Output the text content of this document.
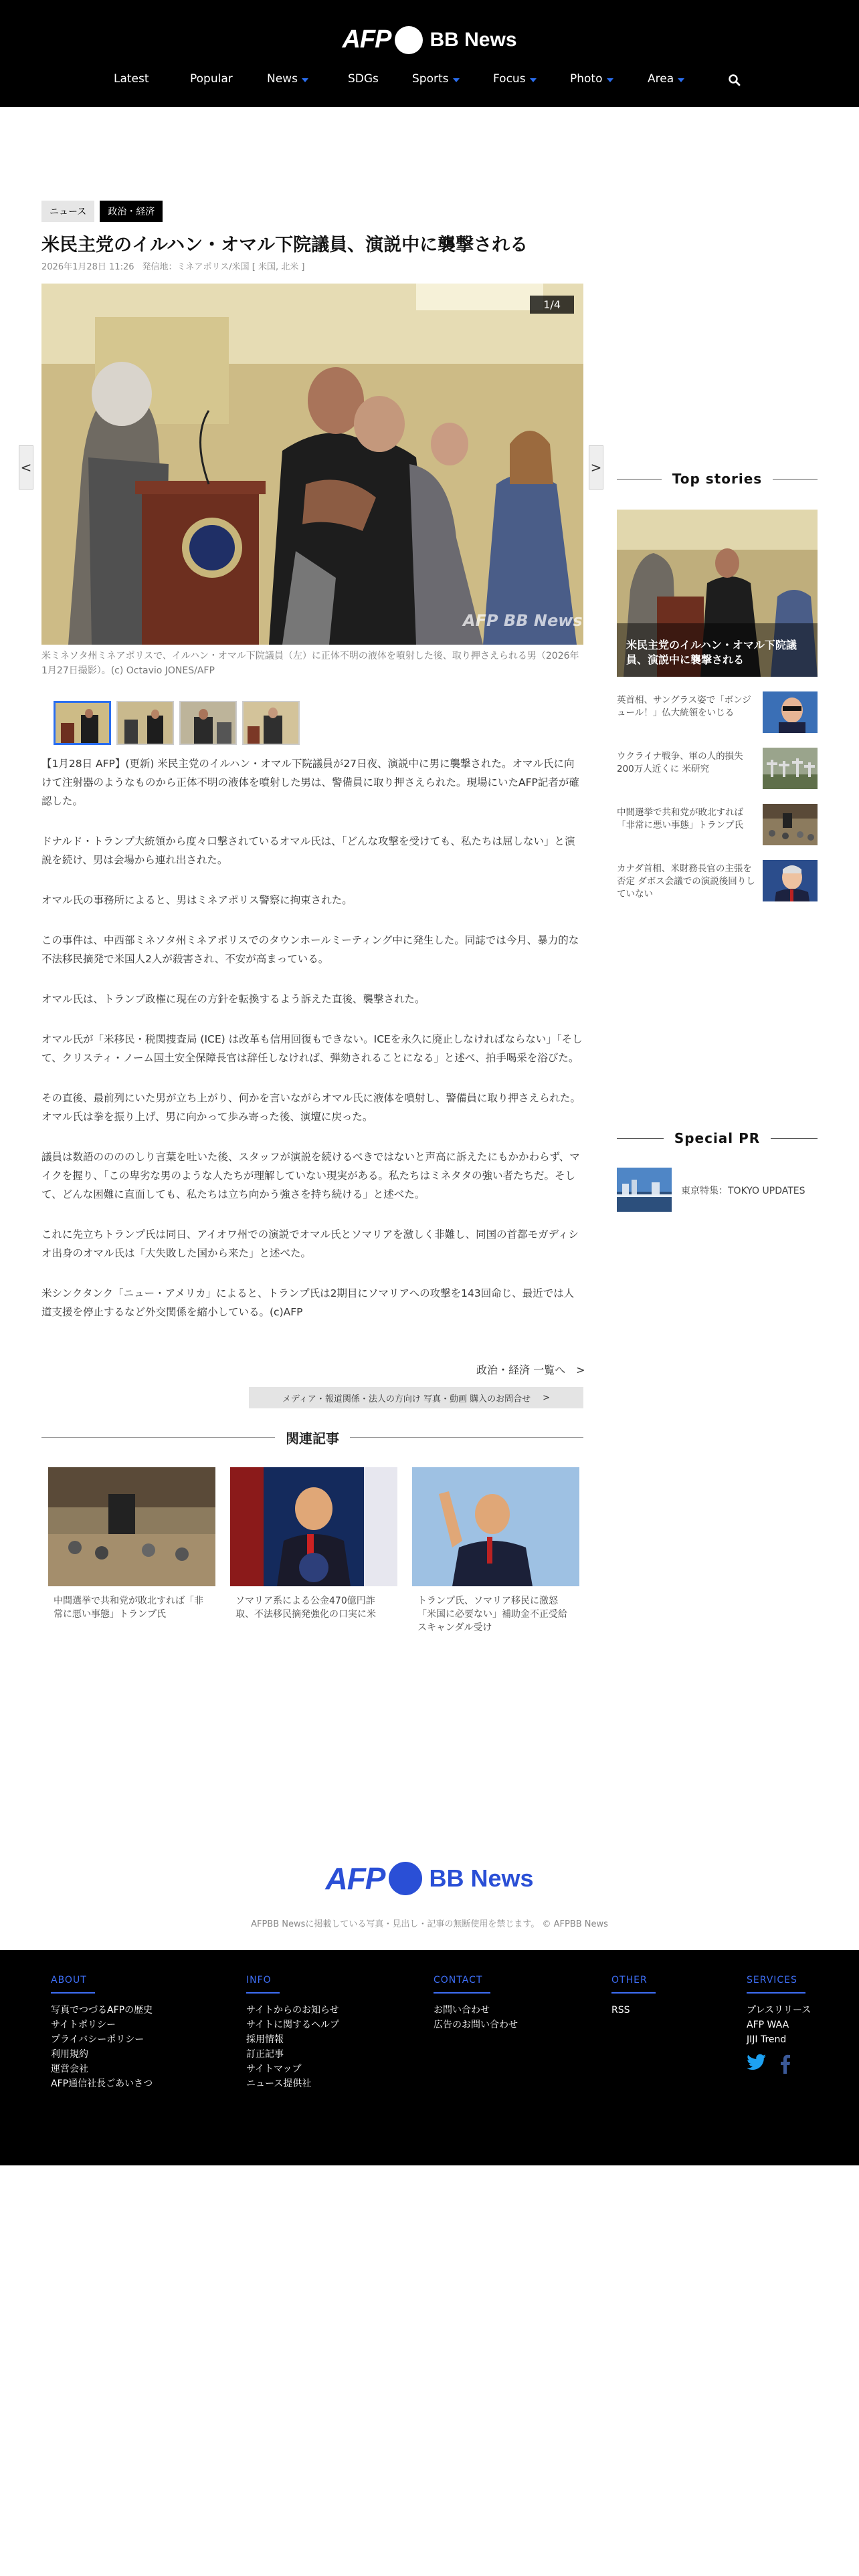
AFP BB News
Latest	Popular	News	SDGs	Sports	Focus	Photo	Area
ニュース	政治・経済
米民主党のイルハン・オマル下院議員、演説中に襲撃される
2026年1月28日 11:26 発信地：ミネアポリス/米国 [ 米国, 北米 ]
1/4
AFP BB News
<	>

米ミネソタ州ミネアポリスで、イルハン・オマル下院議員（左）に正体不明の液体を噴射した後、取り押さえられる男（2026年1月27日撮影）。(c) Octavio JONES/AFP

【1月28日 AFP】(更新) 米民主党のイルハン・オマル下院議員が27日夜、演説中に男に襲撃された。オマル氏に向けて注射器のようなものから正体不明の液体を噴射した男は、警備員に取り押さえられた。現場にいたAFP記者が確認した。

ドナルド・トランプ大統領から度々口撃されているオマル氏は、「どんな攻撃を受けても、私たちは屈しない」と演説を続け、男は会場から連れ出された。

オマル氏の事務所によると、男はミネアポリス警察に拘束された。

この事件は、中西部ミネソタ州ミネアポリスでのタウンホールミーティング中に発生した。同誌では今月、暴力的な不法移民摘発で米国人2人が殺害され、不安が高まっている。

オマル氏は、トランプ政権に現在の方針を転換するよう訴えた直後、襲撃された。

オマル氏が「米移民・税関捜査局 (ICE) は改革も信用回復もできない。ICEを永久に廃止しなければならない」「そして、クリスティ・ノーム国土安全保障長官は辞任しなければ、弾劾されることになる」と述べ、拍手喝采を浴びた。

その直後、最前列にいた男が立ち上がり、何かを言いながらオマル氏に液体を噴射し、警備員に取り押さえられた。オマル氏は拳を振り上げ、男に向かって歩み寄った後、演壇に戻った。

議員は数語ののののしり言葉を吐いた後、スタッフが演説を続けるべきではないと声高に訴えたにもかかわらず、マイクを握り、「この卑劣な男のような人たちが理解していない現実がある。私たちはミネタタの強い者たちだ。そして、どんな困難に直面しても、私たちは立ち向かう強さを持ち続ける」と述べた。

これに先立ちトランプ氏は同日、アイオワ州での演説でオマル氏とソマリアを激しく非難し、同国の首都モガディシオ出身のオマル氏は「大失敗した国から来た」と述べた。

米シンクタンク「ニュー・アメリカ」によると、トランプ氏は2期目にソマリアへの攻撃を143回命じ、最近では人道支援を停止するなど外交関係を縮小している。(c)AFP

政治・経済 一覧へ　>
メディア・報道関係・法人の方向け 写真・動画 購入のお問合せ >
関連記事

中間選挙で共和党が敗北すれば「非常に悪い事態」トランプ氏

ソマリア系による公金470億円詐取、不法移民摘発強化の口実に米

トランプ氏、ソマリア移民に激怒「米国に必要ない」補助金不正受給スキャンダル受け

Top stories

米民主党のイルハン・オマル下院議員、演説中に襲撃される

英首相、サングラス姿で「ボンジュール！」仏大統領をいじる

ウクライナ戦争、軍の人的損失200万人近くに 米研究

中間選挙で共和党が敗北すれば「非常に悪い事態」トランプ氏

カナダ首相、米財務長官の主張を否定 ダボス会議での演説後回りしていない

Special PR

東京特集：TOKYO UPDATES

AFP BB News

AFPBB Newsに掲載している写真・見出し・記事の無断使用を禁じます。 © AFPBB News

ABOUT
写真でつづるAFPの歴史
サイトポリシー
プライバシーポリシー
利用規約
運営会社
AFP通信社長ごあいさつ
INFO
サイトからのお知らせ
サイトに関するヘルプ
採用情報
訂正記事
サイトマップ
ニュース提供社
CONTACT
お問い合わせ
広告のお問い合わせ
OTHER
RSS
SERVICES
プレスリリース
AFP WAA
JIJI Trend
